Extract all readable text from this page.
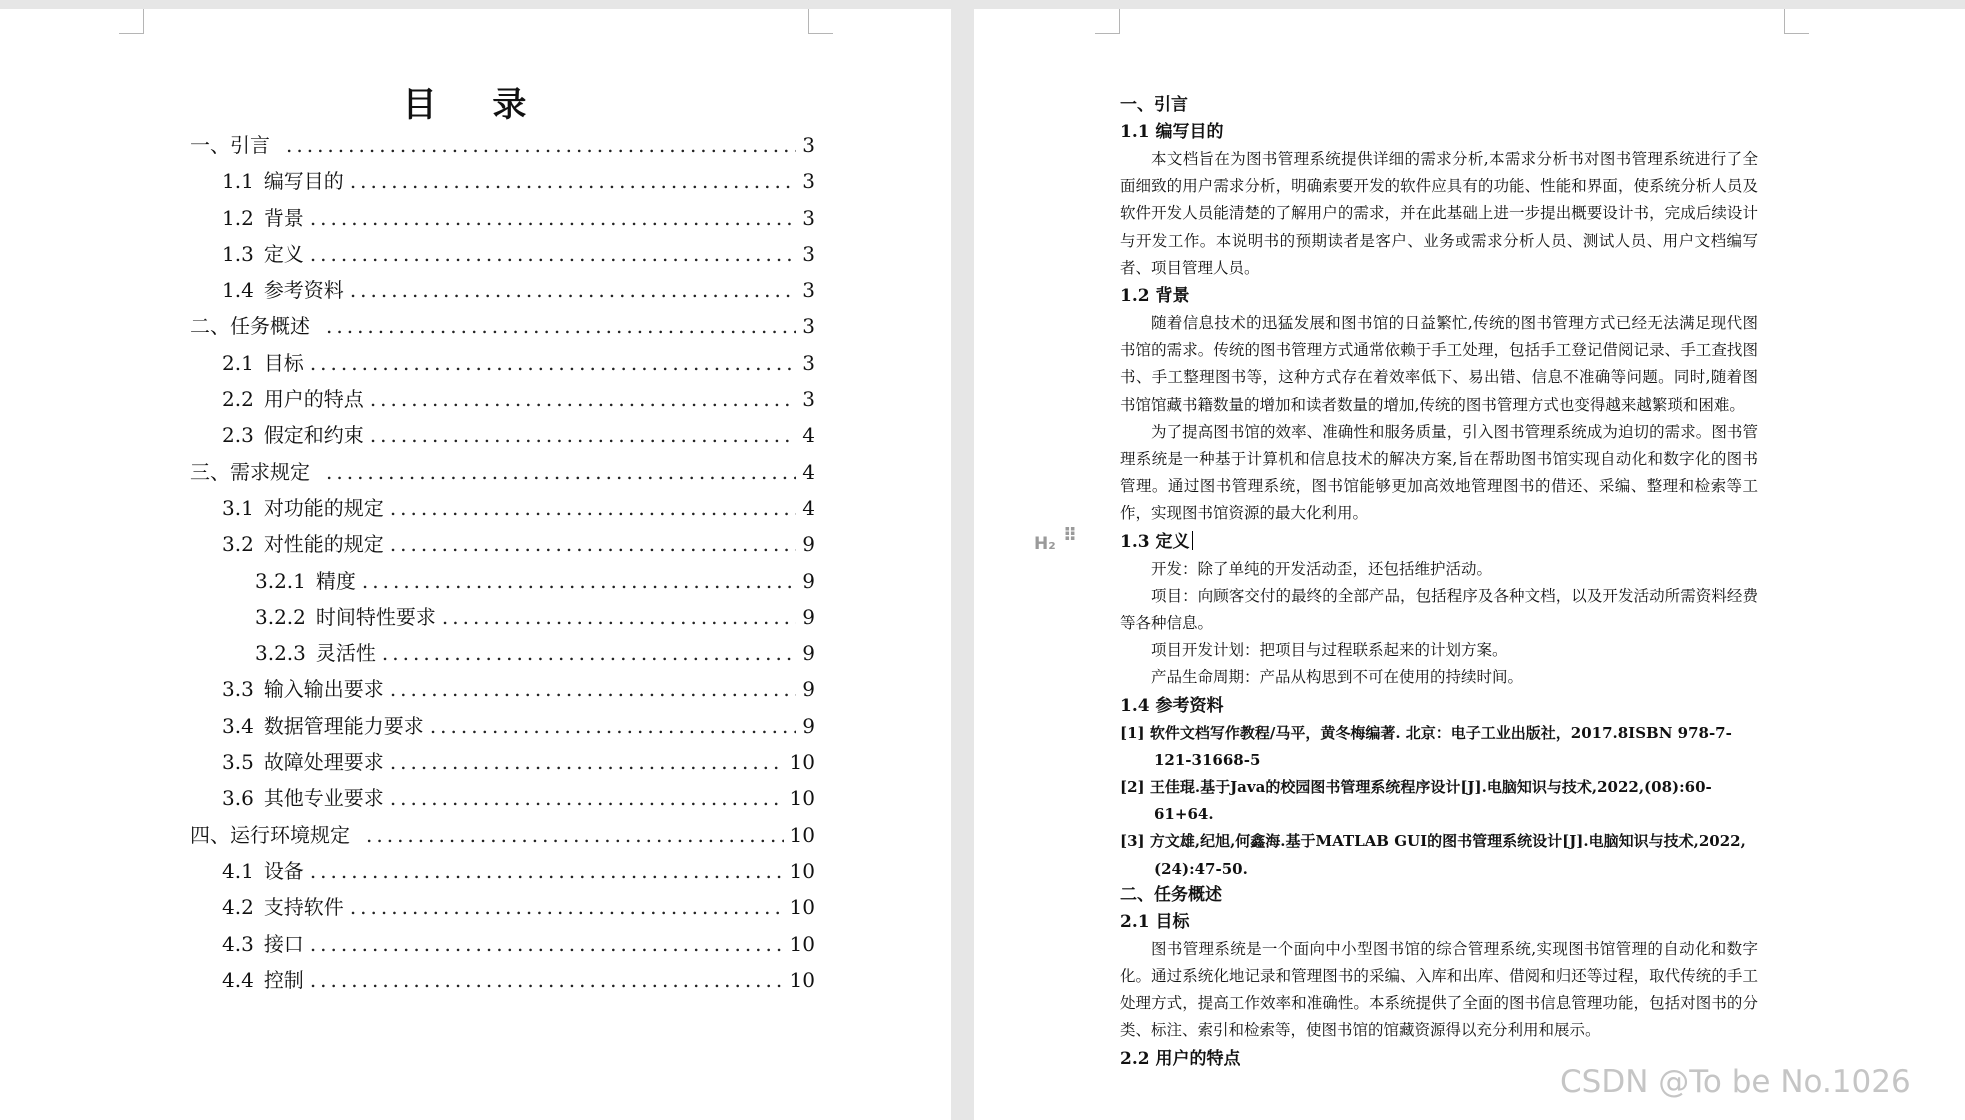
目 录
一、引言 .....	3
1.1 编写目的 .....	3
1.2 背景 .....	3
1.3 定义 .....	3
1.4 参考资料 .....	3
二、任务概述 .....	3
2.1 目标 .....	3
2.2 用户的特点 .....	3
2.3 假定和约束 .....	4
三、需求规定 .....	4
3.1 对功能的规定 .....	4
3.2 对性能的规定 .....	9
3.2.1 精度 .....	9
3.2.2 时间特性要求 .....	9
3.2.3 灵活性 .....	9
3.3 输入输出要求 .....	9
3.4 数据管理能力要求 .....	9
3.5 故障处理要求 .....	10
3.6 其他专业要求 .....	10
四、运行环境规定 .....	10
4.1 设备 .....	10
4.2 支持软件 .....	10
4.3 接口 .....	10
4.4 控制 .....	10
一、引言
1.1 编写目的
本文档旨在为图书管理系统提供详细的需求分析,本需求分析书对图书管理系统进行了全面细致的用户需求分析，明确索要开发的软件应具有的功能、性能和界面，使系统分析人员及软件开发人员能清楚的了解用户的需求，并在此基础上进一步提出概要设计书，完成后续设计与开发工作。本说明书的预期读者是客户、业务或需求分析人员、测试人员、用户文档编写者、项目管理人员。
1.2 背景
随着信息技术的迅猛发展和图书馆的日益繁忙,传统的图书管理方式已经无法满足现代图书馆的需求。传统的图书管理方式通常依赖于手工处理，包括手工登记借阅记录、手工查找图书、手工整理图书等，这种方式存在着效率低下、易出错、信息不准确等问题。同时,随着图书馆馆藏书籍数量的增加和读者数量的增加,传统的图书管理方式也变得越来越繁琐和困难。
为了提高图书馆的效率、准确性和服务质量，引入图书管理系统成为迫切的需求。图书管理系统是一种基于计算机和信息技术的解决方案,旨在帮助图书馆实现自动化和数字化的图书管理。通过图书管理系统，图书馆能够更加高效地管理图书的借还、采编、整理和检索等工作，实现图书馆资源的最大化利用。
H₂ ⠿	1.3 定义
开发：除了单纯的开发活动歪，还包括维护活动。
项目：向顾客交付的最终的全部产品，包括程序及各种文档，以及开发活动所需资料经费等各种信息。
项目开发计划：把项目与过程联系起来的计划方案。
产品生命周期：产品从构思到不可在使用的持续时间。
1.4 参考资料
[1] 软件文档写作教程/马平，黄冬梅编著. 北京：电子工业出版社，2017.8ISBN 978-7-121-31668-5
[2] 王佳琨.基于Java的校园图书管理系统程序设计[J].电脑知识与技术,2022,(08):60-61+64.
[3] 方文雄,纪旭,何鑫海.基于MATLAB GUI的图书管理系统设计[J].电脑知识与技术,2022,(24):47-50.
二、任务概述
2.1 目标
图书管理系统是一个面向中小型图书馆的综合管理系统,实现图书馆管理的自动化和数字化。通过系统化地记录和管理图书的采编、入库和出库、借阅和归还等过程，取代传统的手工处理方式，提高工作效率和准确性。本系统提供了全面的图书信息管理功能，包括对图书的分类、标注、索引和检索等，使图书馆的馆藏资源得以充分利用和展示。
2.2 用户的特点
CSDN @To be No.1026
